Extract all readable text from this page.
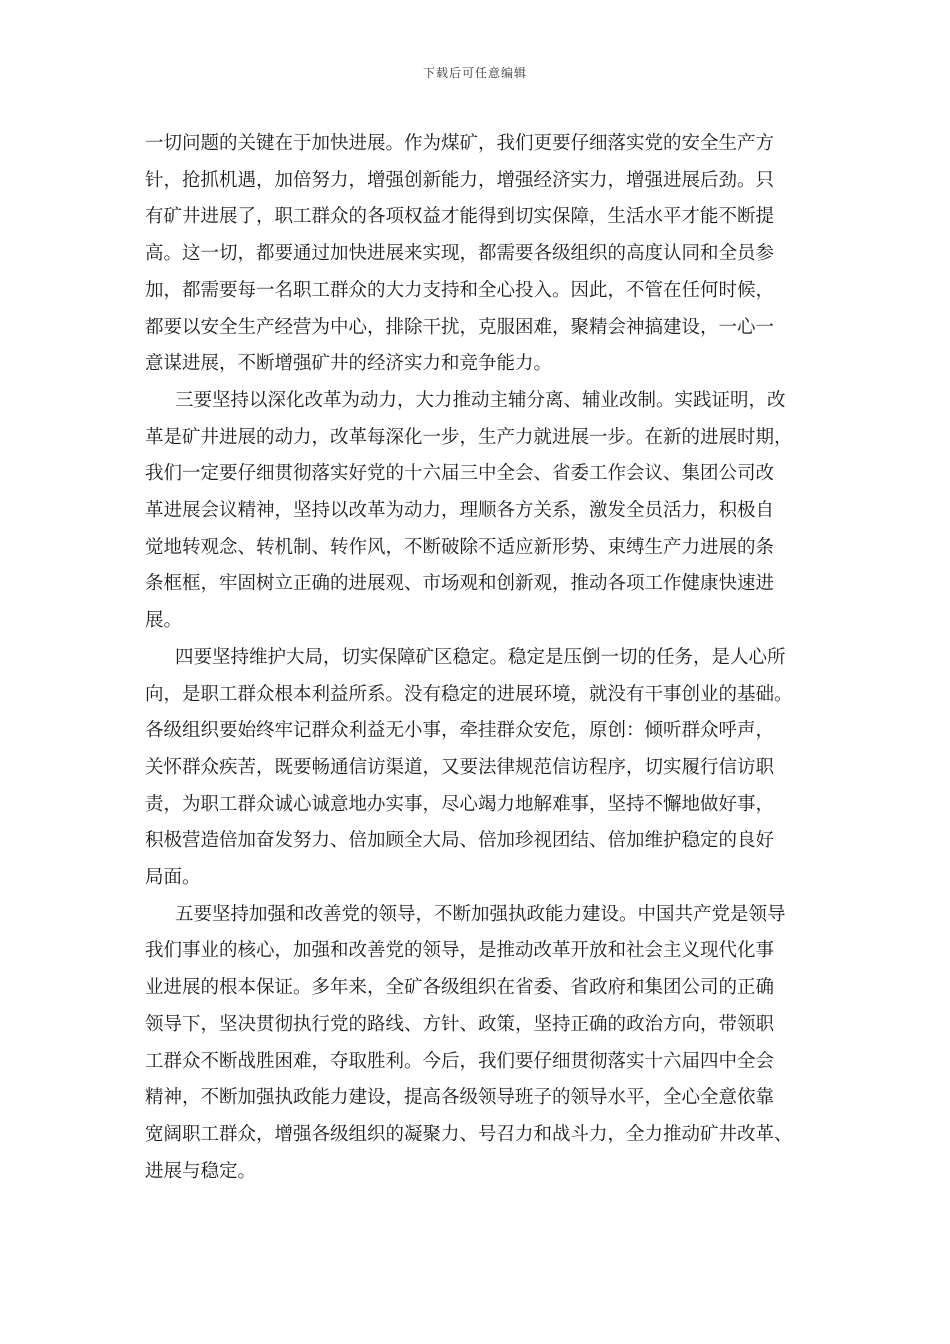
下载后可任意编辑

一切问题的关键在于加快进展。作为煤矿，我们更要仔细落实党的安全生产方
针，抢抓机遇，加倍努力，增强创新能力，增强经济实力，增强进展后劲。只
有矿井进展了，职工群众的各项权益才能得到切实保障，生活水平才能不断提
高。这一切，都要通过加快进展来实现，都需要各级组织的高度认同和全员参
加，都需要每一名职工群众的大力支持和全心投入。因此，不管在任何时候，
都要以安全生产经营为中心，排除干扰，克服困难，聚精会神搞建设，一心一
意谋进展，不断增强矿井的经济实力和竞争能力。

三要坚持以深化改革为动力，大力推动主辅分离、辅业改制。实践证明，改
革是矿井进展的动力，改革每深化一步，生产力就进展一步。在新的进展时期，
我们一定要仔细贯彻落实好党的十六届三中全会、省委工作会议、集团公司改
革进展会议精神，坚持以改革为动力，理顺各方关系，激发全员活力，积极自
觉地转观念、转机制、转作风，不断破除不适应新形势、束缚生产力进展的条
条框框，牢固树立正确的进展观、市场观和创新观，推动各项工作健康快速进
展。

四要坚持维护大局，切实保障矿区稳定。稳定是压倒一切的任务，是人心所
向，是职工群众根本利益所系。没有稳定的进展环境，就没有干事创业的基础。
各级组织要始终牢记群众利益无小事，牵挂群众安危，原创：倾听群众呼声，
关怀群众疾苦，既要畅通信访渠道，又要法律规范信访程序，切实履行信访职
责，为职工群众诚心诚意地办实事，尽心竭力地解难事，坚持不懈地做好事，
积极营造倍加奋发努力、倍加顾全大局、倍加珍视团结、倍加维护稳定的良好
局面。

五要坚持加强和改善党的领导，不断加强执政能力建设。中国共产党是领导
我们事业的核心，加强和改善党的领导，是推动改革开放和社会主义现代化事
业进展的根本保证。多年来，全矿各级组织在省委、省政府和集团公司的正确
领导下，坚决贯彻执行党的路线、方针、政策，坚持正确的政治方向，带领职
工群众不断战胜困难，夺取胜利。今后，我们要仔细贯彻落实十六届四中全会
精神，不断加强执政能力建设，提高各级领导班子的领导水平，全心全意依靠
宽阔职工群众，增强各级组织的凝聚力、号召力和战斗力，全力推动矿井改革、
进展与稳定。
